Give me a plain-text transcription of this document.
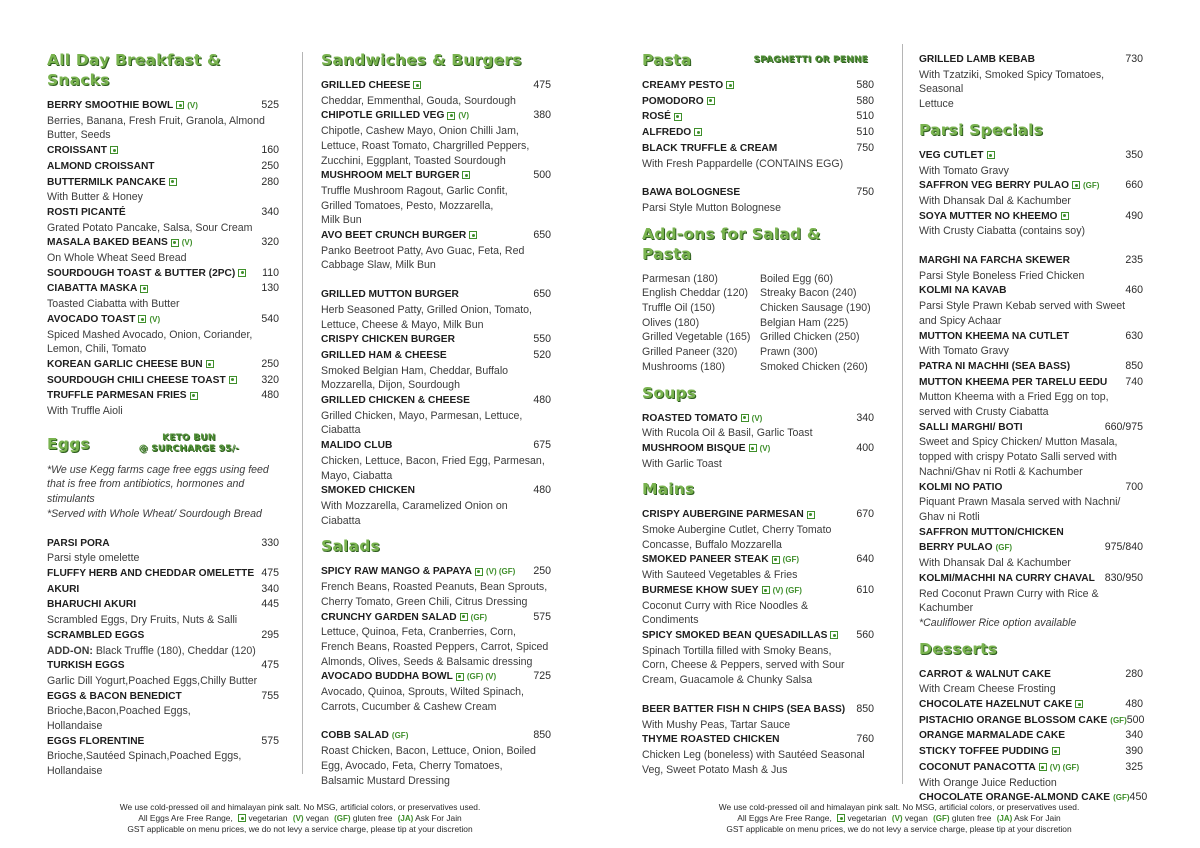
All Day Breakfast & Snacks
BERRY SMOOTHIE BOWL (V)	525
Berries, Banana, Fresh Fruit, Granola, Almond
Butter, Seeds
CROISSANT	160
ALMOND CROISSANT	250
BUTTERMILK PANCAKE	280
With Butter & Honey
ROSTI PICANTÉ	340
Grated Potato Pancake, Salsa, Sour Cream
MASALA BAKED BEANS (V)	320
On Whole Wheat Seed Bread
SOURDOUGH TOAST & BUTTER (2PC)	110
CIABATTA MASKA	130
Toasted Ciabatta with Butter
AVOCADO TOAST (V)	540
Spiced Mashed Avocado, Onion, Coriander,
Lemon, Chili, Tomato
KOREAN GARLIC CHEESE BUN	250
SOURDOUGH CHILI CHEESE TOAST	320
TRUFFLE PARMESAN FRIES	480
With Truffle Aioli
Eggs	KETO BUN
@ SURCHARGE 95/-
*We use Kegg farms cage free eggs using feed
that is free from antibiotics, hormones and
stimulants
*Served with Whole Wheat/ Sourdough Bread
PARSI PORA	330
Parsi style omelette
FLUFFY HERB AND CHEDDAR OMELETTE 475
AKURI	340
BHARUCHI AKURI	445
Scrambled Eggs, Dry Fruits, Nuts & Salli
SCRAMBLED EGGS	295
ADD-ON: Black Truffle (180), Cheddar (120)
TURKISH EGGS	475
Garlic Dill Yogurt,Poached Eggs,Chilly Butter
EGGS & BACON BENEDICT	755
Brioche,Bacon,Poached Eggs,
Hollandaise
EGGS FLORENTINE	575
Brioche,Sautéed Spinach,Poached Eggs,
Hollandaise
Sandwiches & Burgers
GRILLED CHEESE	475
Cheddar, Emmenthal, Gouda, Sourdough
CHIPOTLE GRILLED VEG (V)	380
Chipotle, Cashew Mayo, Onion Chilli Jam,
Lettuce, Roast Tomato, Chargrilled Peppers,
Zucchini, Eggplant, Toasted Sourdough
MUSHROOM MELT BURGER	500
Truffle Mushroom Ragout, Garlic Confit,
Grilled Tomatoes, Pesto, Mozzarella,
Milk Bun
AVO BEET CRUNCH BURGER	650
Panko Beetroot Patty, Avo Guac, Feta, Red
Cabbage Slaw, Milk Bun
GRILLED MUTTON BURGER	650
Herb Seasoned Patty, Grilled Onion, Tomato,
Lettuce, Cheese & Mayo, Milk Bun
CRISPY CHICKEN BURGER	550
GRILLED HAM & CHEESE	520
Smoked Belgian Ham, Cheddar, Buffalo
Mozzarella, Dijon, Sourdough
GRILLED CHICKEN & CHEESE	480
Grilled Chicken, Mayo, Parmesan, Lettuce,
Ciabatta
MALIDO CLUB	675
Chicken, Lettuce, Bacon, Fried Egg, Parmesan,
Mayo, Ciabatta
SMOKED CHICKEN	480
With Mozzarella, Caramelized Onion on
Ciabatta
Salads
SPICY RAW MANGO & PAPAYA (V) (GF) 250
French Beans, Roasted Peanuts, Bean Sprouts,
Cherry Tomato, Green Chili, Citrus Dressing
CRUNCHY GARDEN SALAD (GF)	575
Lettuce, Quinoa, Feta, Cranberries, Corn,
French Beans, Roasted Peppers, Carrot, Spiced
Almonds, Olives, Seeds & Balsamic dressing
AVOCADO BUDDHA BOWL (GF) (V)	725
Avocado, Quinoa, Sprouts, Wilted Spinach,
Carrots, Cucumber & Cashew Cream
COBB SALAD (GF)	850
Roast Chicken, Bacon, Lettuce, Onion, Boiled
Egg, Avocado, Feta, Cherry Tomatoes,
Balsamic Mustard Dressing
Pasta	SPAGHETTI OR PENNE
CREAMY PESTO	580
POMODORO	580
ROSÉ	510
ALFREDO	510
BLACK TRUFFLE & CREAM	750
With Fresh Pappardelle (CONTAINS EGG)
BAWA BOLOGNESE	750
Parsi Style Mutton Bolognese
Add-ons for Salad & Pasta
Parmesan (180)	Boiled Egg (60)
English Cheddar (120)	Streaky Bacon (240)
Truffle Oil (150)	Chicken Sausage (190)
Olives (180)	Belgian Ham (225)
Grilled Vegetable (165) Grilled Chicken (250)
Grilled Paneer (320)	Prawn (300)
Mushrooms (180)	Smoked Chicken (260)
Soups
ROASTED TOMATO (V)	340
With Rucola Oil & Basil, Garlic Toast
MUSHROOM BISQUE (V)	400
With Garlic Toast
Mains
CRISPY AUBERGINE PARMESAN	670
Smoke Aubergine Cutlet, Cherry Tomato
Concasse, Buffalo Mozzarella
SMOKED PANEER STEAK (GF)	640
With Sauteed Vegetables & Fries
BURMESE KHOW SUEY (V) (GF)	610
Coconut Curry with Rice Noodles &
Condiments
SPICY SMOKED BEAN QUESADILLAS	560
Spinach Tortilla filled with Smoky Beans,
Corn, Cheese & Peppers, served with Sour
Cream, Guacamole & Chunky Salsa
BEER BATTER FISH N CHIPS (SEA BASS) 850
With Mushy Peas, Tartar Sauce
THYME ROASTED CHICKEN	760
Chicken Leg (boneless) with Sautéed Seasonal
Veg, Sweet Potato Mash & Jus
GRILLED LAMB KEBAB	730
With Tzatziki, Smoked Spicy Tomatoes, Seasonal
Lettuce
Parsi Specials
VEG CUTLET	350
With Tomato Gravy
SAFFRON VEG BERRY PULAO (GF) 660
With Dhansak Dal & Kachumber
SOYA MUTTER NO KHEEMO	490
With Crusty Ciabatta (contains soy)
MARGHI NA FARCHA SKEWER	235
Parsi Style Boneless Fried Chicken
KOLMI NA KAVAB	460
Parsi Style Prawn Kebab served with Sweet
and Spicy Achaar
MUTTON KHEEMA NA CUTLET	630
With Tomato Gravy
PATRA NI MACHHI (SEA BASS)	850
MUTTON KHEEMA PER TARELU EEDU 740
Mutton Kheema with a Fried Egg on top,
served with Crusty Ciabatta
SALLI MARGHI/ BOTI	660/975
Sweet and Spicy Chicken/ Mutton Masala,
topped with crispy Potato Salli served with
Nachni/Ghav ni Rotli & Kachumber
KOLMI NO PATIO	700
Piquant Prawn Masala served with Nachni/
Ghav ni Rotli
SAFFRON MUTTON/CHICKEN
BERRY PULAO (GF)	975/840
With Dhansak Dal & Kachumber
KOLMI/MACHHI NA CURRY CHAVAL 830/950
Red Coconut Prawn Curry with Rice &
Kachumber
*Cauliflower Rice option available
Desserts
CARROT & WALNUT CAKE	280
With Cream Cheese Frosting
CHOCOLATE HAZELNUT CAKE	480
PISTACHIO ORANGE BLOSSOM CAKE (GF) 500
ORANGE MARMALADE CAKE	340
STICKY TOFFEE PUDDING	390
COCONUT PANACOTTA (V) (GF)	325
With Orange Juice Reduction
CHOCOLATE ORANGE-ALMOND CAKE (GF) 450
We use cold-pressed oil and himalayan pink salt. No MSG, artificial colors, or preservatives used.
All Eggs Are Free Range, vegetarian (V) vegan (GF) gluten free (JA) Ask For Jain
GST applicable on menu prices, we do not levy a service charge, please tip at your discretion
We use cold-pressed oil and himalayan pink salt. No MSG, artificial colors, or preservatives used.
All Eggs Are Free Range, vegetarian (V) vegan (GF) gluten free (JA) Ask For Jain
GST applicable on menu prices, we do not levy a service charge, please tip at your discretion
